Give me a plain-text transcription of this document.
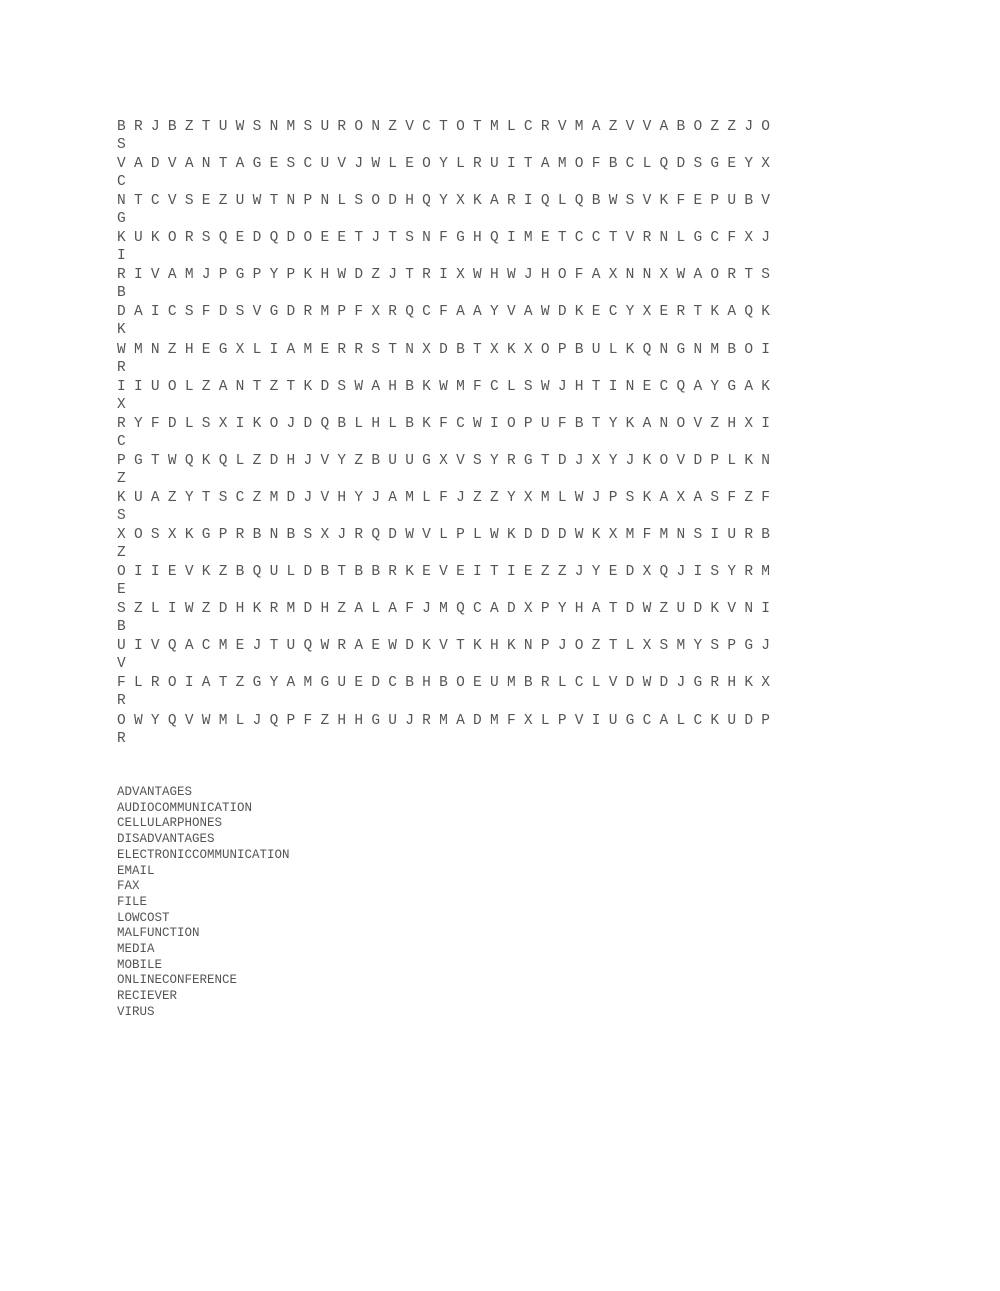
B R J B Z T U W S N M S U R O N Z V C T O T M L C R V M A Z V V A B O Z Z J O
S
V A D V A N T A G E S C U V J W L E O Y L R U I T A M O F B C L Q D S G E Y X
C
N T C V S E Z U W T N P N L S O D H Q Y X K A R I Q L Q B W S V K F E P U B V
G
K U K O R S Q E D Q D O E E T J T S N F G H Q I M E T C C T V R N L G C F X J
I
R I V A M J P G P Y P K H W D Z J T R I X W H W J H O F A X N N X W A O R T S
B
D A I C S F D S V G D R M P F X R Q C F A A Y V A W D K E C Y X E R T K A Q K
K
W M N Z H E G X L I A M E R R S T N X D B T X K X O P B U L K Q N G N M B O I
R
I I U O L Z A N T Z T K D S W A H B K W M F C L S W J H T I N E C Q A Y G A K
X
R Y F D L S X I K O J D Q B L H L B K F C W I O P U F B T Y K A N O V Z H X I
C
P G T W Q K Q L Z D H J V Y Z B U U G X V S Y R G T D J X Y J K O V D P L K N
Z
K U A Z Y T S C Z M D J V H Y J A M L F J Z Z Y X M L W J P S K A X A S F Z F
S
X O S X K G P R B N B S X J R Q D W V L P L W K D D D W K X M F M N S I U R B
Z
O I I E V K Z B Q U L D B T B B R K E V E I T I E Z Z J Y E D X Q J I S Y R M
E
S Z L I W Z D H K R M D H Z A L A F J M Q C A D X P Y H A T D W Z U D K V N I
B
U I V Q A C M E J T U Q W R A E W D K V T K H K N P J O Z T L X S M Y S P G J
V
F L R O I A T Z G Y A M G U E D C B H B O E U M B R L C L V D W D J G R H K X
R
O W Y Q V W M L J Q P F Z H H G U J R M A D M F X L P V I U G C A L C K U D P
R
ADVANTAGES
AUDIOCOMMUNICATION
CELLULARPHONES
DISADVANTAGES
ELECTRONICCOMMUNICATION
EMAIL
FAX
FILE
LOWCOST
MALFUNCTION
MEDIA
MOBILE
ONLINECONFERENCE
RECIEVER
VIRUS
